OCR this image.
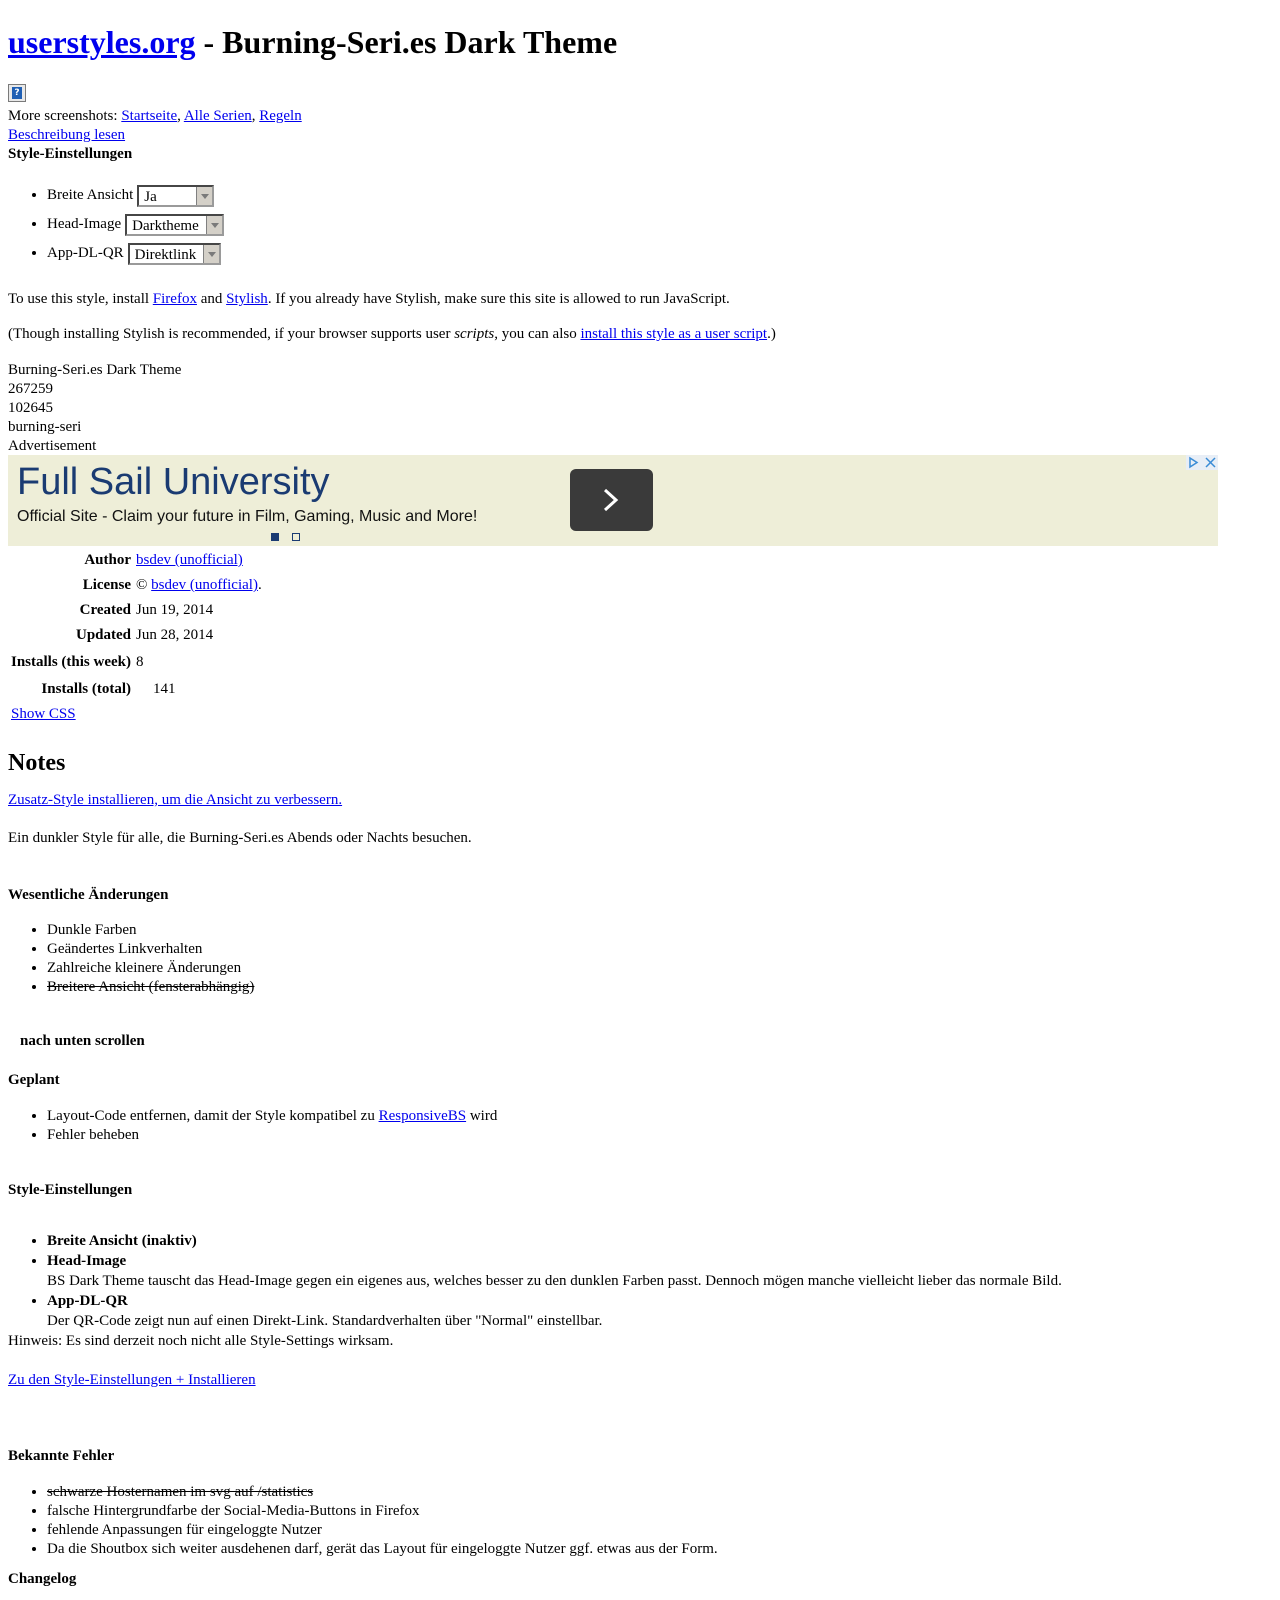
userstyles.org - Burning-Seri.es Dark Theme
?
More screenshots: Startseite, Alle Serien, Regeln
Beschreibung lesen
Style-Einstellungen
• Breite Ansicht Ja
• Head-Image Darktheme
• App-DL-QR Direktlink
To use this style, install Firefox and Stylish. If you already have Stylish, make sure this site is allowed to run JavaScript.
(Though installing Stylish is recommended, if your browser supports user scripts, you can also install this style as a user script.)
Burning-Seri.es Dark Theme
267259
102645
burning-seri
Advertisement
Full Sail University
Official Site - Claim your future in Film, Gaming, Music and More!
Author	bsdev (unofficial)
License	© bsdev (unofficial).
Created	Jun 19, 2014
Updated	Jun 28, 2014
Installs (this week)	8
Installs (total)	141
Show CSS	
Notes
Zusatz-Style installieren, um die Ansicht zu verbessern.
Ein dunkler Style für alle, die Burning-Seri.es Abends oder Nachts besuchen.
Wesentliche Änderungen
• Dunkle Farben
• Geändertes Linkverhalten
• Zahlreiche kleinere Änderungen
• Breitere Ansicht (fensterabhängig)
nach unten scrollen
Geplant
• Layout-Code entfernen, damit der Style kompatibel zu ResponsiveBS wird
• Fehler beheben
Style-Einstellungen
• Breite Ansicht (inaktiv)
• Head-Image
BS Dark Theme tauscht das Head-Image gegen ein eigenes aus, welches besser zu den dunklen Farben passt. Dennoch mögen manche vielleicht lieber das normale Bild.
• App-DL-QR
Der QR-Code zeigt nun auf einen Direkt-Link. Standardverhalten über "Normal" einstellbar.
Hinweis: Es sind derzeit noch nicht alle Style-Settings wirksam.
Zu den Style-Einstellungen + Installieren
Bekannte Fehler
• schwarze Hosternamen im svg auf /statistics
• falsche Hintergrundfarbe der Social-Media-Buttons in Firefox
• fehlende Anpassungen für eingeloggte Nutzer
• Da die Shoutbox sich weiter ausdehenen darf, gerät das Layout für eingeloggte Nutzer ggf. etwas aus der Form.
Changelog
